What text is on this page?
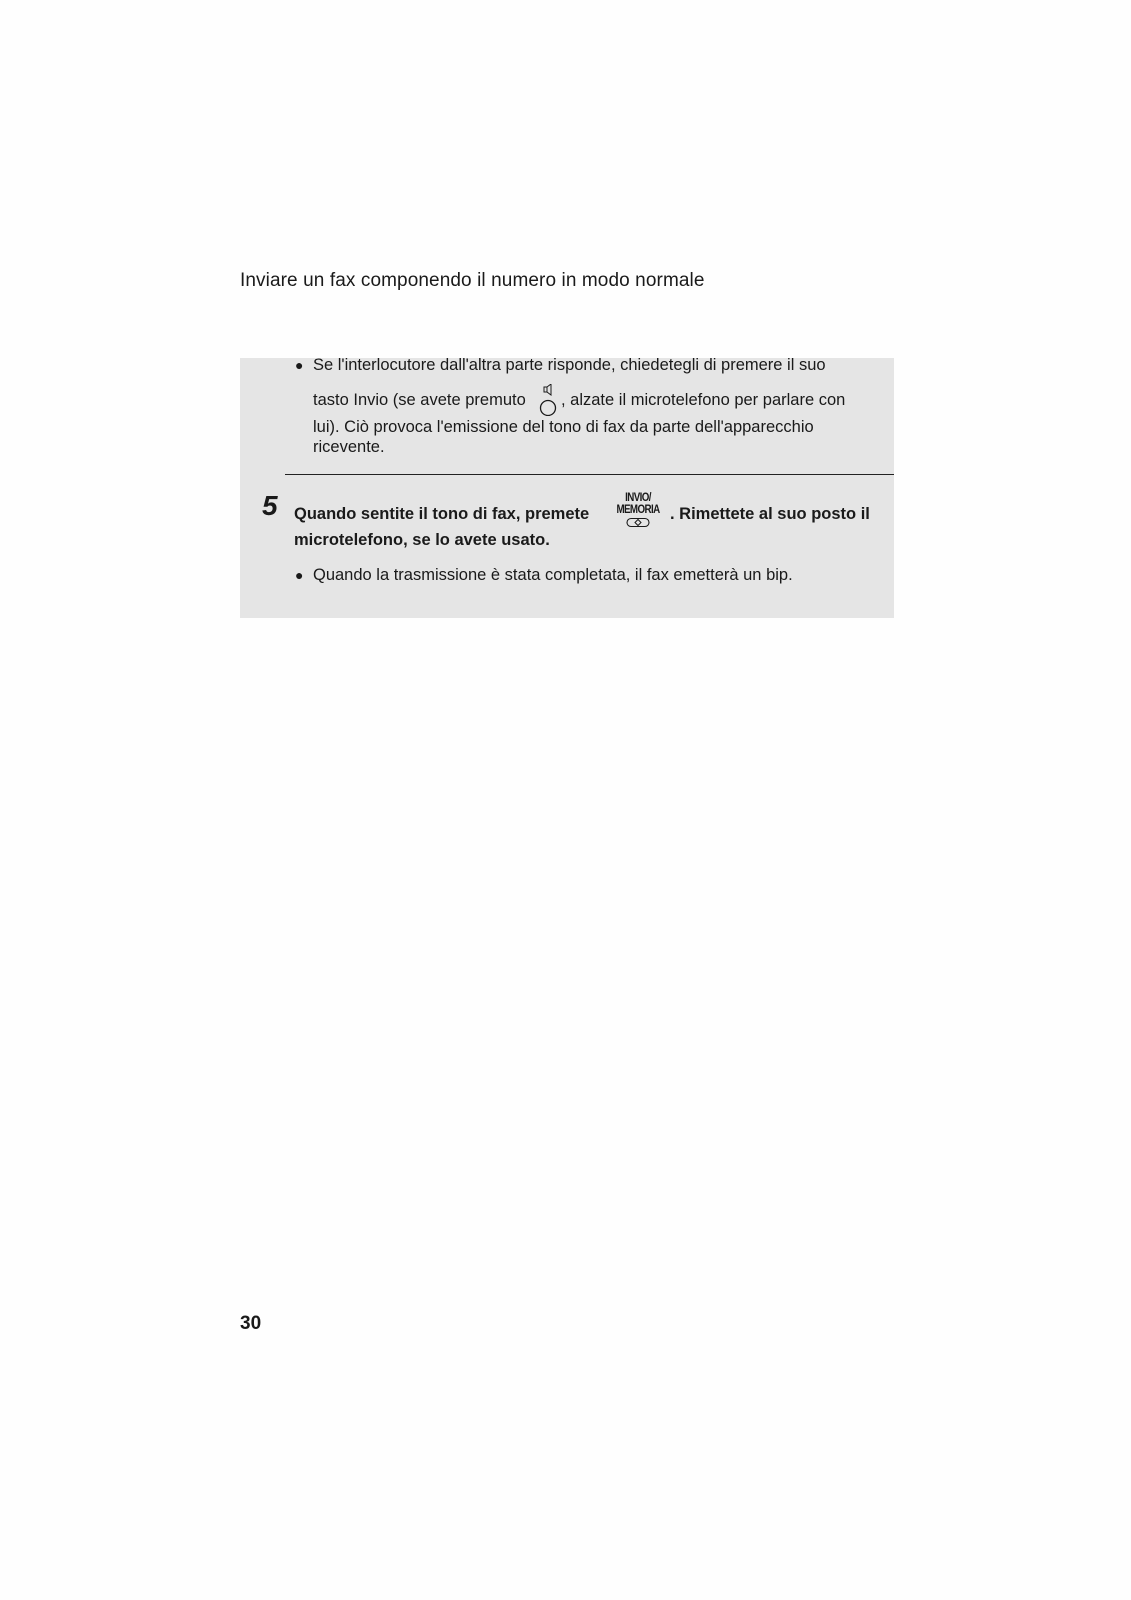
Inviare un fax componendo il numero in modo normale
● Se l'interlocutore dall'altra parte risponde, chiedetegli di premere il suo
tasto Invio (se avete premuto , alzate il microtelefono per parlare con
lui). Ciò provoca l'emissione del tono di fax da parte dell'apparecchio
ricevente.
5 Quando sentite il tono di fax, premete
INVIO/
MEMORIA . Rimettete al suo posto il
microtelefono, se lo avete usato.
● Quando la trasmissione è stata completata, il fax emetterà un bip.
30
